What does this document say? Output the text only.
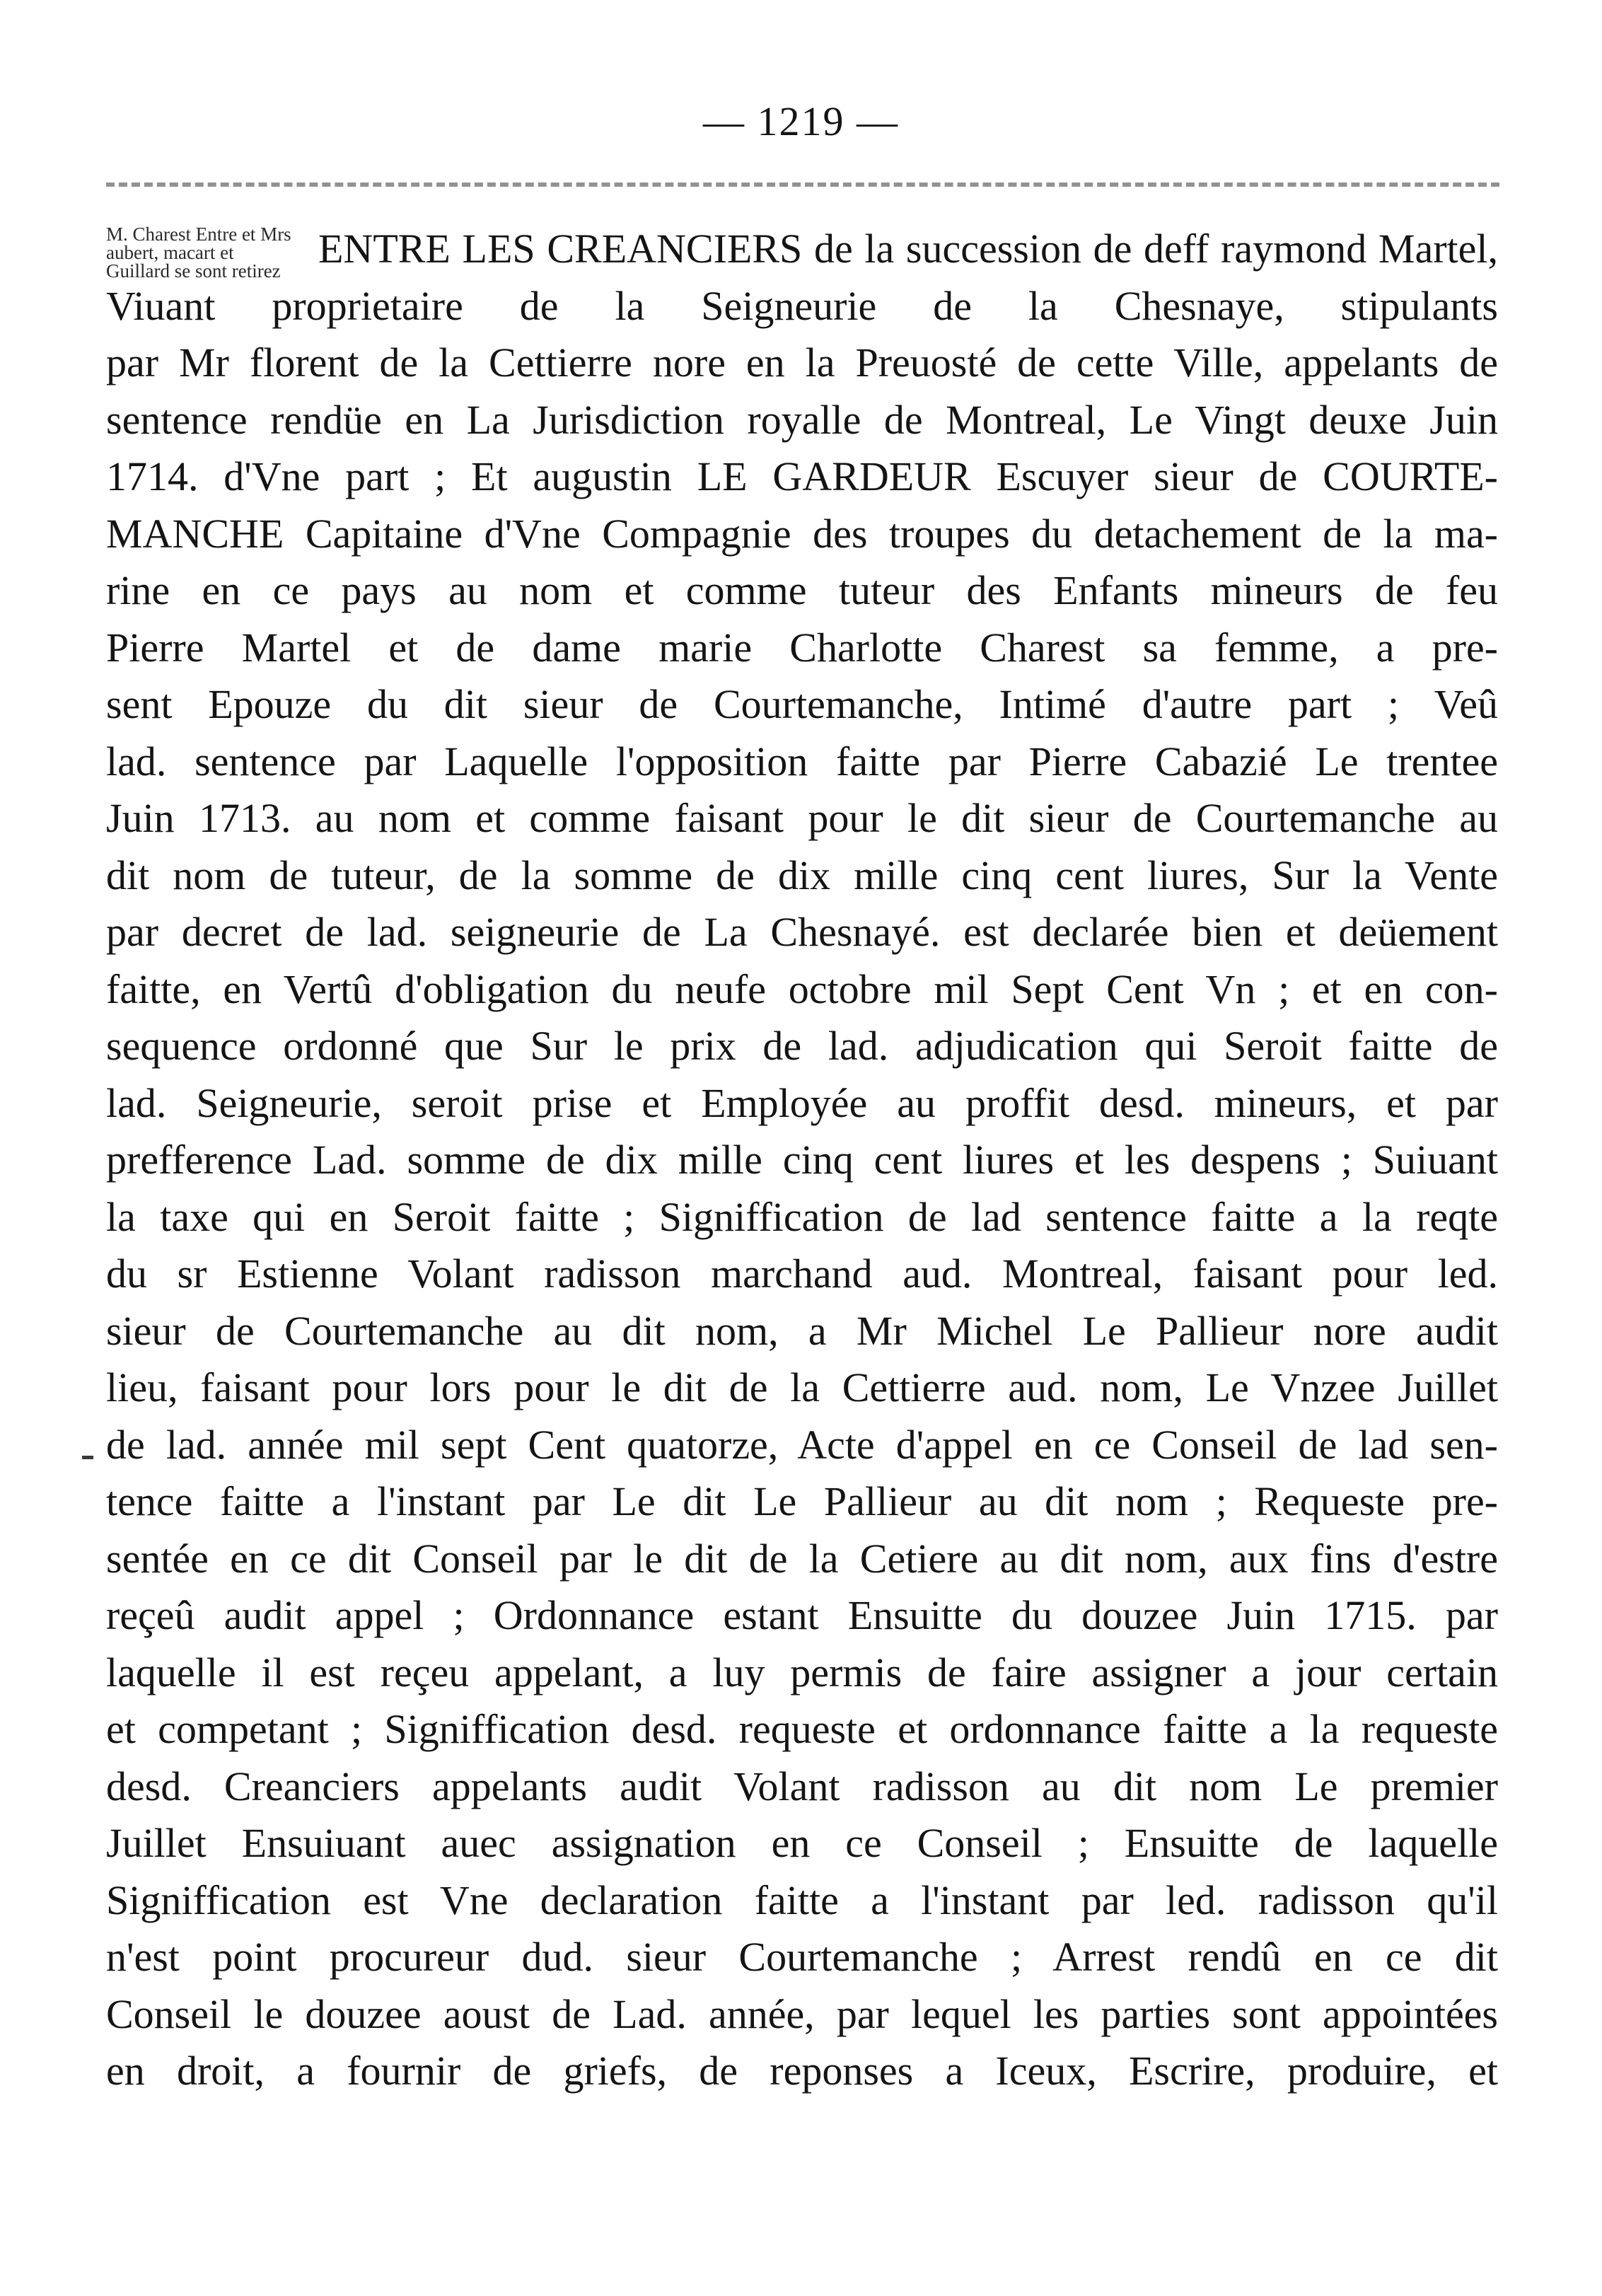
— 1219 —
M. Charest Entre et Mrs aubert, macart et Guillard se sont retirez ENTRE LES CREANCIERS de la succession de deff raymond Martel,
Viuant proprietaire de la Seigneurie de la Chesnaye, stipulants
par Mr florent de la Cettierre nore en la Preuosté de cette Ville, appelants de
sentence rendüe en La Jurisdiction royalle de Montreal, Le Vingt deuxe Juin
1714. d'Vne part ; Et augustin LE GARDEUR Escuyer sieur de COURTE-
MANCHE Capitaine d'Vne Compagnie des troupes du detachement de la ma-
rine en ce pays au nom et comme tuteur des Enfants mineurs de feu
Pierre Martel et de dame marie Charlotte Charest sa femme, a pre-
sent Epouze du dit sieur de Courtemanche, Intimé d'autre part ; Veû
lad. sentence par Laquelle l'opposition faitte par Pierre Cabazié Le trentee
Juin 1713. au nom et comme faisant pour le dit sieur de Courtemanche au
dit nom de tuteur, de la somme de dix mille cinq cent liures, Sur la Vente
par decret de lad. seigneurie de La Chesnayé. est declarée bien et deüement
faitte, en Vertû d'obligation du neufe octobre mil Sept Cent Vn ; et en con-
sequence ordonné que Sur le prix de lad. adjudication qui Seroit faitte de
lad. Seigneurie, seroit prise et Employée au proffit desd. mineurs, et par
prefference Lad. somme de dix mille cinq cent liures et les despens ; Suiuant
la taxe qui en Seroit faitte ; Signiffication de lad sentence faitte a la reqte
du sr Estienne Volant radisson marchand aud. Montreal, faisant pour led.
sieur de Courtemanche au dit nom, a Mr Michel Le Pallieur nore audit
lieu, faisant pour lors pour le dit de la Cettierre aud. nom, Le Vnzee Juillet
de lad. année mil sept Cent quatorze, Acte d'appel en ce Conseil de lad sen-
tence faitte a l'instant par Le dit Le Pallieur au dit nom ; Requeste pre-
sentée en ce dit Conseil par le dit de la Cetiere au dit nom, aux fins d'estre
reçeû audit appel ; Ordonnance estant Ensuitte du douzee Juin 1715. par
laquelle il est reçeu appelant, a luy permis de faire assigner a jour certain
et competant ; Signiffication desd. requeste et ordonnance faitte a la requeste
desd. Creanciers appelants audit Volant radisson au dit nom Le premier
Juillet Ensuiuant auec assignation en ce Conseil ; Ensuitte de laquelle
Signiffication est Vne declaration faitte a l'instant par led. radisson qu'il
n'est point procureur dud. sieur Courtemanche ; Arrest rendû en ce dit
Conseil le douzee aoust de Lad. année, par lequel les parties sont appointées
en droit, a fournir de griefs, de reponses a Iceux, Escrire, produire, et
